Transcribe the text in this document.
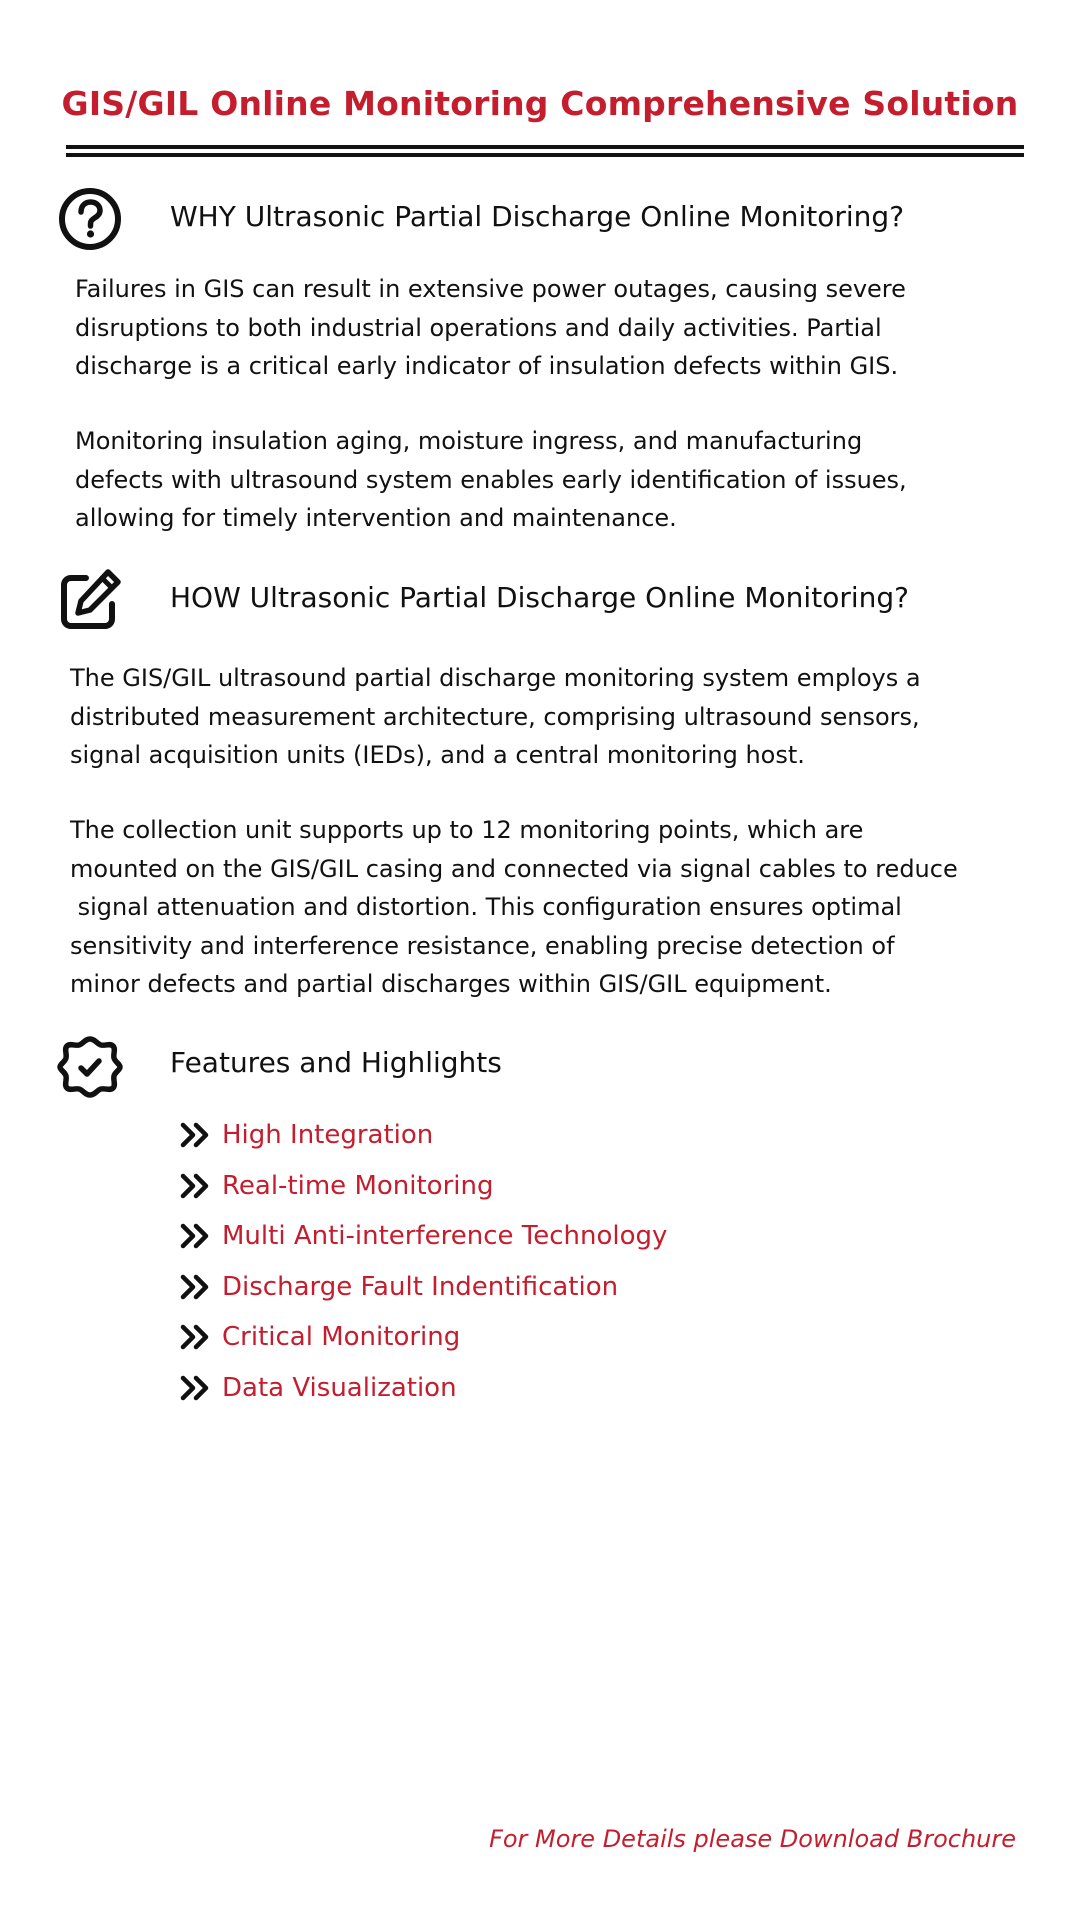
GIS/GIL Online Monitoring Comprehensive Solution
WHY Ultrasonic Partial Discharge Online Monitoring?

Failures in GIS can result in extensive power outages, causing severe
disruptions to both industrial operations and daily activities. Partial
discharge is a critical early indicator of insulation defects within GIS.

Monitoring insulation aging, moisture ingress, and manufacturing
defects with ultrasound system enables early identification of issues,
allowing for timely intervention and maintenance.

HOW Ultrasonic Partial Discharge Online Monitoring?

The GIS/GIL ultrasound partial discharge monitoring system employs a
distributed measurement architecture, comprising ultrasound sensors,
signal acquisition units (IEDs), and a central monitoring host.

The collection unit supports up to 12 monitoring points, which are
mounted on the GIS/GIL casing and connected via signal cables to reduce
signal attenuation and distortion. This configuration ensures optimal
sensitivity and interference resistance, enabling precise detection of
minor defects and partial discharges within GIS/GIL equipment.

Features and Highlights
High Integration
Real-time Monitoring
Multi Anti-interference Technology
Discharge Fault Indentification
Critical Monitoring
Data Visualization
For More Details please Download Brochure
